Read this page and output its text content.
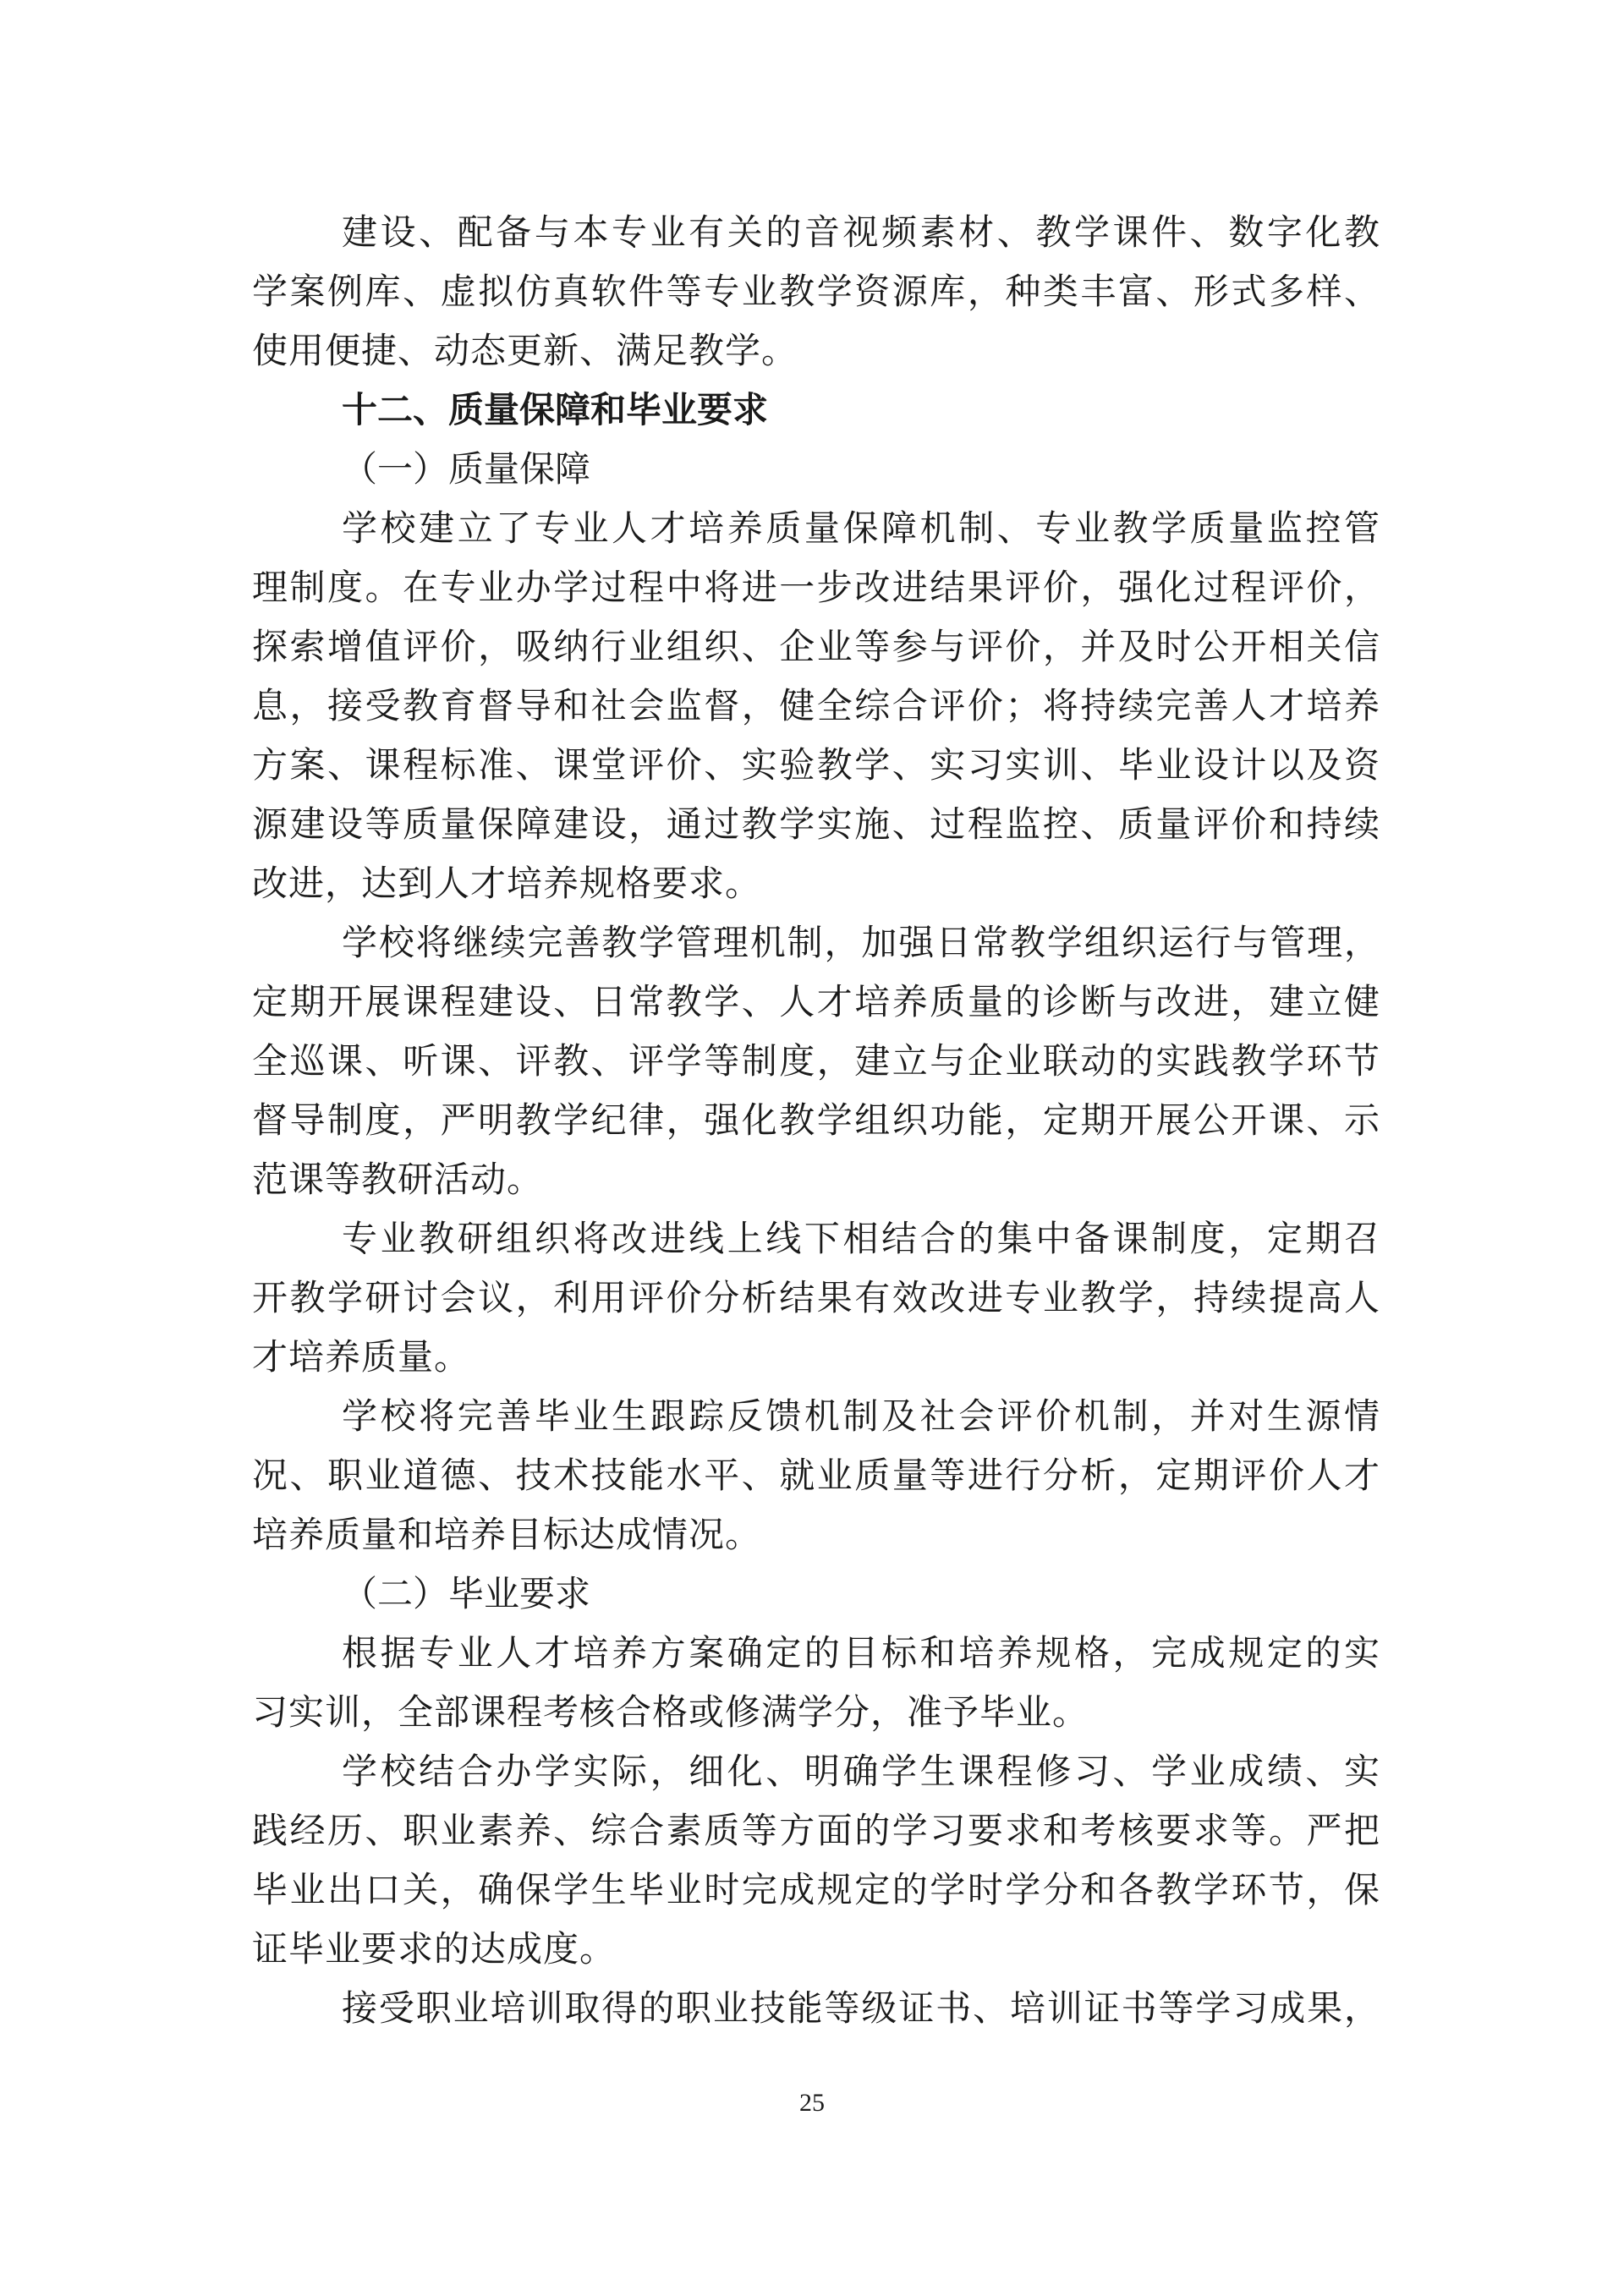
建设、配备与本专业有关的音视频素材、教学课件、数字化教
学案例库、虚拟仿真软件等专业教学资源库，种类丰富、形式多样、
使用便捷、动态更新、满足教学。
十二、质量保障和毕业要求
（一）质量保障
学校建立了专业人才培养质量保障机制、专业教学质量监控管
理制度。在专业办学过程中将进一步改进结果评价，强化过程评价，
探索增值评价，吸纳行业组织、企业等参与评价，并及时公开相关信
息，接受教育督导和社会监督，健全综合评价；将持续完善人才培养
方案、课程标准、课堂评价、实验教学、实习实训、毕业设计以及资
源建设等质量保障建设，通过教学实施、过程监控、质量评价和持续
改进，达到人才培养规格要求。
学校将继续完善教学管理机制，加强日常教学组织运行与管理，
定期开展课程建设、日常教学、人才培养质量的诊断与改进，建立健
全巡课、听课、评教、评学等制度，建立与企业联动的实践教学环节
督导制度，严明教学纪律，强化教学组织功能，定期开展公开课、示
范课等教研活动。
专业教研组织将改进线上线下相结合的集中备课制度，定期召
开教学研讨会议，利用评价分析结果有效改进专业教学，持续提高人
才培养质量。
学校将完善毕业生跟踪反馈机制及社会评价机制，并对生源情
况、职业道德、技术技能水平、就业质量等进行分析，定期评价人才
培养质量和培养目标达成情况。
（二）毕业要求
根据专业人才培养方案确定的目标和培养规格，完成规定的实
习实训，全部课程考核合格或修满学分，准予毕业。
学校结合办学实际，细化、明确学生课程修习、学业成绩、实
践经历、职业素养、综合素质等方面的学习要求和考核要求等。严把
毕业出口关，确保学生毕业时完成规定的学时学分和各教学环节，保
证毕业要求的达成度。
接受职业培训取得的职业技能等级证书、培训证书等学习成果，
25
